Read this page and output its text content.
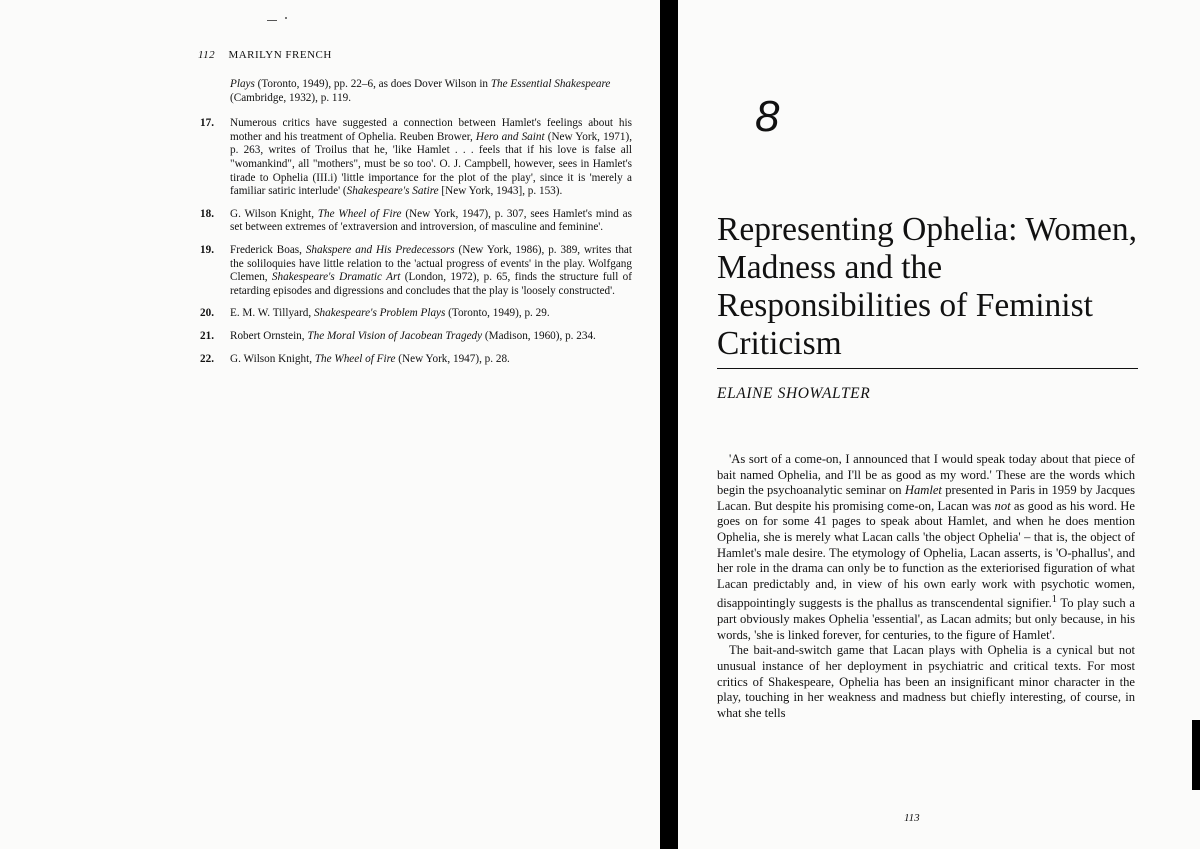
112 MARILYN FRENCH
Plays (Toronto, 1949), pp. 22–6, as does Dover Wilson in The Essential Shakespeare (Cambridge, 1932), p. 119.
17.	Numerous critics have suggested a connection between Hamlet's feelings about his mother and his treatment of Ophelia. Reuben Brower, Hero and Saint (New York, 1971), p. 263, writes of Troilus that he, 'like Hamlet . . . feels that if his love is false all "womankind", all "mothers", must be so too'. O. J. Campbell, however, sees in Hamlet's tirade to Ophelia (III.i) 'little importance for the plot of the play', since it is 'merely a familiar satiric interlude' (Shakespeare's Satire [New York, 1943], p. 153).
18.	G. Wilson Knight, The Wheel of Fire (New York, 1947), p. 307, sees Hamlet's mind as set between extremes of 'extraversion and introversion, of masculine and feminine'.
19.	Frederick Boas, Shakspere and His Predecessors (New York, 1986), p. 389, writes that the soliloquies have little relation to the 'actual progress of events' in the play. Wolfgang Clemen, Shakespeare's Dramatic Art (London, 1972), p. 65, finds the structure full of retarding episodes and digressions and concludes that the play is 'loosely constructed'.
20.	E. M. W. Tillyard, Shakespeare's Problem Plays (Toronto, 1949), p. 29.
21.	Robert Ornstein, The Moral Vision of Jacobean Tragedy (Madison, 1960), p. 234.
22.	G. Wilson Knight, The Wheel of Fire (New York, 1947), p. 28.
8
Representing Ophelia: Women, Madness and the Responsibilities of Feminist Criticism
ELAINE SHOWALTER

'As sort of a come-on, I announced that I would speak today about that piece of bait named Ophelia, and I'll be as good as my word.' These are the words which begin the psychoanalytic seminar on Hamlet presented in Paris in 1959 by Jacques Lacan. But despite his promising come-on, Lacan was not as good as his word. He goes on for some 41 pages to speak about Hamlet, and when he does mention Ophelia, she is merely what Lacan calls 'the object Ophelia' – that is, the object of Hamlet's male desire. The etymology of Ophelia, Lacan asserts, is 'O-phallus', and her role in the drama can only be to function as the exteriorised figuration of what Lacan predictably and, in view of his own early work with psychotic women, disappointingly suggests is the phallus as transcendental signifier.$^1$ To play such a part obviously makes Ophelia 'essential', as Lacan admits; but only because, in his words, 'she is linked forever, for centuries, to the figure of Hamlet'.

The bait-and-switch game that Lacan plays with Ophelia is a cynical but not unusual instance of her deployment in psychiatric and critical texts. For most critics of Shakespeare, Ophelia has been an insignificant minor character in the play, touching in her weakness and madness but chiefly interesting, of course, in what she tells

113
